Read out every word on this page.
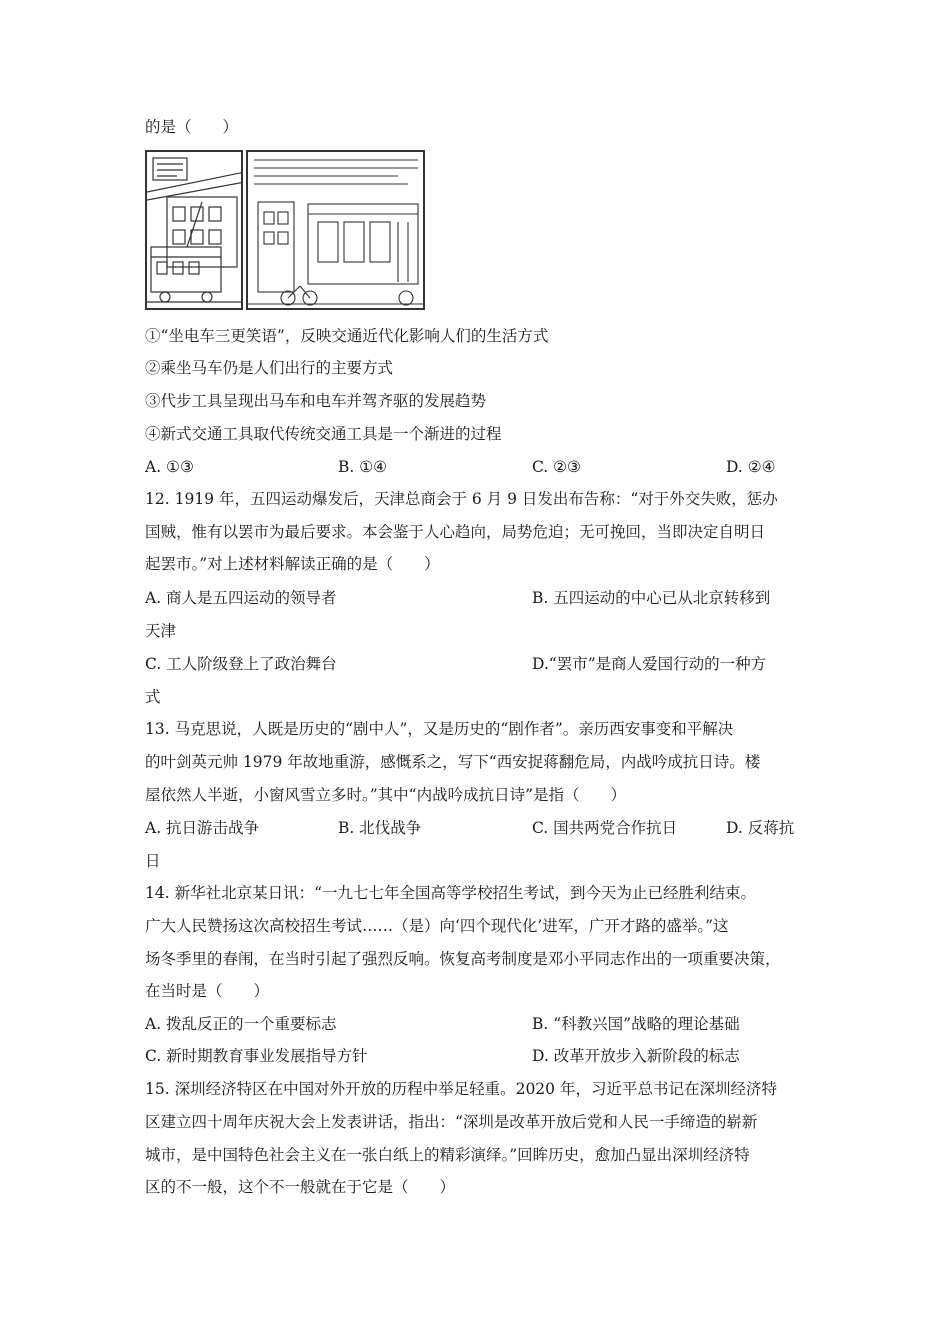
的是（　　）
①“坐电车三更笑语”，反映交通近代化影响人们的生活方式
②乘坐马车仍是人们出行的主要方式
③代步工具呈现出马车和电车并驾齐驱的发展趋势
④新式交通工具取代传统交通工具是一个渐进的过程
A. ①③	B. ①④	C. ②③	D. ②④
12. 1919 年，五四运动爆发后，天津总商会于 6 月 9 日发出布告称：“对于外交失败，惩办
国贼，惟有以罢市为最后要求。本会鉴于人心趋向，局势危迫；无可挽回，当即决定自明日
起罢市。”对上述材料解读正确的是（　　）
A. 商人是五四运动的领导者	B. 五四运动的中心已从北京转移到
天津
C. 工人阶级登上了政治舞台	D.“罢市”是商人爱国行动的一种方
式
13. 马克思说，人既是历史的“剧中人”，又是历史的“剧作者”。亲历西安事变和平解决
的叶剑英元帅 1979 年故地重游，感慨系之，写下“西安捉蒋翻危局，内战吟成抗日诗。楼
屋依然人半逝，小窗风雪立多时。”其中“内战吟成抗日诗”是指（　　）
A. 抗日游击战争	B. 北伐战争	C. 国共两党合作抗日	D. 反蒋抗
日
14. 新华社北京某日讯：“一九七七年全国高等学校招生考试，到今天为止已经胜利结束。
广大人民赞扬这次高校招生考试……（是）向‘四个现代化’进军，广开才路的盛举。”这
场冬季里的春闱，在当时引起了强烈反响。恢复高考制度是邓小平同志作出的一项重要决策，
在当时是（　　）
A. 拨乱反正的一个重要标志	B. “科教兴国”战略的理论基础
C. 新时期教育事业发展指导方针	D. 改革开放步入新阶段的标志
15. 深圳经济特区在中国对外开放的历程中举足轻重。2020 年，习近平总书记在深圳经济特
区建立四十周年庆祝大会上发表讲话，指出：“深圳是改革开放后党和人民一手缔造的崭新
城市，是中国特色社会主义在一张白纸上的精彩演绎。”回眸历史，愈加凸显出深圳经济特
区的不一般，这个不一般就在于它是（　　）
